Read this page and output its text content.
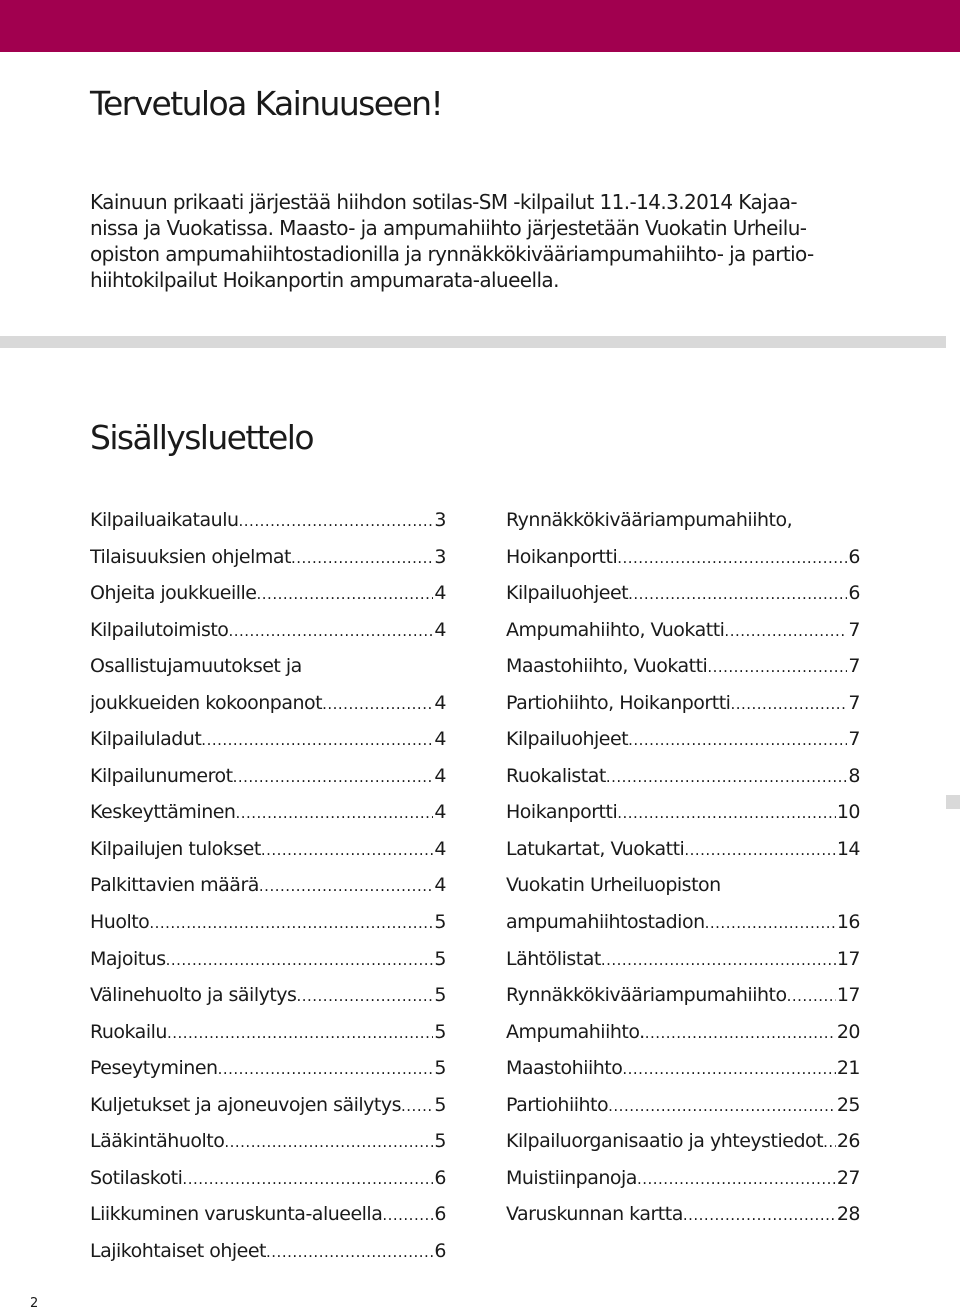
Tervetuloa Kainuuseen!

Kainuun prikaati järjestää hiihdon sotilas-SM -kilpailut 11.-14.3.2014 Kajaa-
nissa ja Vuokatissa. Maasto- ja ampumahiihto järjestetään Vuokatin Urheilu-
opiston ampumahiihtostadionilla ja rynnäkkökivääriampumahiihto- ja partio-
hiihtokilpailut Hoikanportin ampumarata-alueella.

Sisällysluettelo
Kilpailuaikataulu .....	3
Tilaisuuksien ohjelmat .....	3
Ohjeita joukkueille .....	4
Kilpailutoimisto .....	4
Osallistujamuutokset ja
joukkueiden kokoonpanot .....	4
Kilpailuladut .....	4
Kilpailunumerot .....	4
Keskeyttäminen .....	4
Kilpailujen tulokset .....	4
Palkittavien määrä .....	4
Huolto .....	5
Majoitus .....	5
Välinehuolto ja säilytys .....	5
Ruokailu .....	5
Peseytyminen .....	5
Kuljetukset ja ajoneuvojen säilytys ..... 5
Lääkintähuolto .....	5
Sotilaskoti .....	6
Liikkuminen varuskunta-alueella .....	6
Lajikohtaiset ohjeet .....	6
Rynnäkkökivääriampumahiihto,
Hoikanportti .....	6
Kilpailuohjeet .....	6
Ampumahiihto, Vuokatti .....	7
Maastohiihto, Vuokatti .....	7
Partiohiihto, Hoikanportti .....	7
Kilpailuohjeet .....	7
Ruokalistat .....	8
Hoikanportti .....	10
Latukartat, Vuokatti .....	14
Vuokatin Urheiluopiston
ampumahiihtostadion .....	16
Lähtölistat .....	17
Rynnäkkökivääriampumahiihto .....	17
Ampumahiihto. .....	20
Maastohiihto .....	21
Partiohiihto .....	25
Kilpailuorganisaatio ja yhteystiedot ..... 26
Muistiinpanoja .....	27
Varuskunnan kartta .....	28
2
